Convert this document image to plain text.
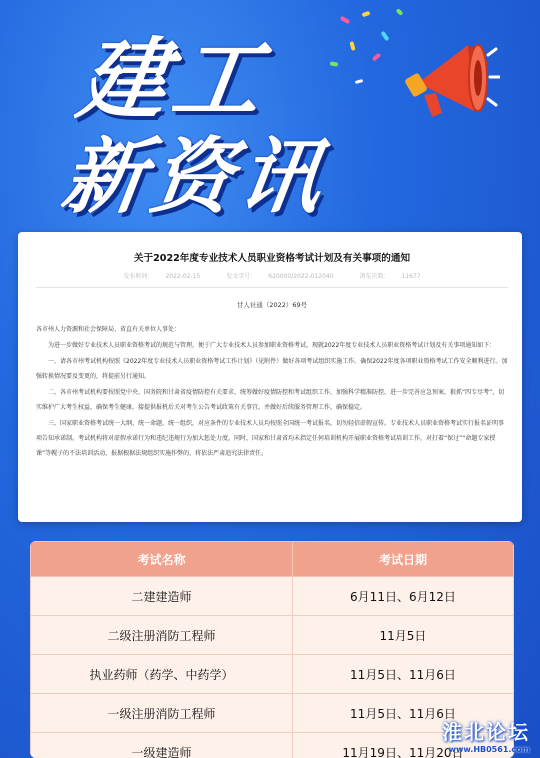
建工
新资讯
关于2022年度专业技术人员职业资格考试计划及有关事项的通知
发布时间： 2022-02-15	发文字号： 620000/2022-012040	浏览次数： 11677
甘人社通（2022）69号

各市州人力资源和社会保障局、省直有关单位人事处：

为进一步做好专业技术人员职业资格考试的规范与管理，便于广大专业技术人员参加职业资格考试，现就2022年度专业技术人员职业资格考试计划及有关事项通知如下：

一、请各市州考试机构按照《2022年度专业技术人员职业资格考试工作计划》（见附件）做好各项考试组织实施工作。确保2022年度各项职业资格考试工作安全顺利进行。加强转换情况要及变更的，将提前另行通知。

二、各市州考试机构要按照党中央、国务院和甘肃省疫情防控有关要求，统筹做好疫情防控和考试组织工作，加强科学精准防控，进一步完善应急预案，狠抓“四专尽考”，切实维护广大考生权益，确保考生健康。接提供报机后关对考生公告考试政策有关事宜，并做好后续服务管理工作，确保稳定。

三、国家职业资格考试统一大纲、统一命题、统一组织，对应条件的专业技术人员均按照全国统一考试报名，切勿轻信虚假宣传。专业技术人员职业资格考试实行报名证明事项告知承诺制。考试机构将对虚假承诺行为和违纪违规行为加大惩处力度，同时，国家和甘肃省均未指定任何培训机构开展职业资格考试培训工作，对打着“保过”“命题专家授课”等幌子的不法培训活动，报据根据法规组织实施作弊的，将依法严肃追究法律责任。

考试名称	考试日期
二建建造师	6月11日、6月12日
二级注册消防工程师	11月5日
执业药师（药学、中药学）	11月5日、11月6日
一级注册消防工程师	11月5日、11月6日
一级建造师	11月19日、11月20日
淮北论坛
www.HB0561.com
